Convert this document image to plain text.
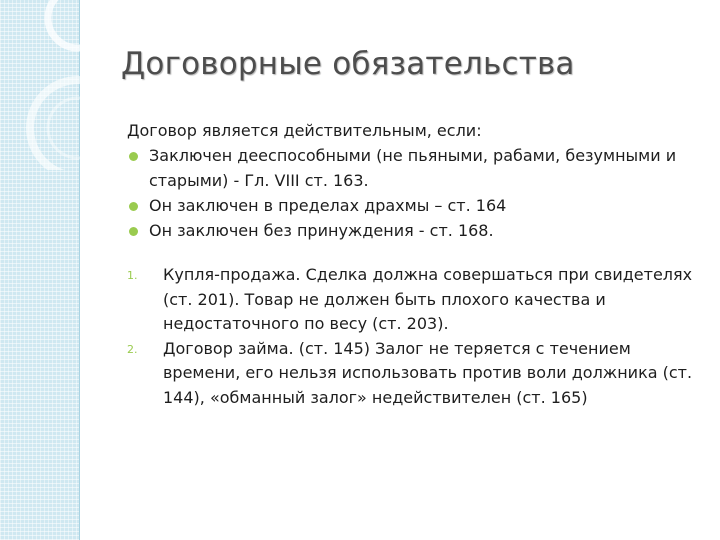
Договорные обязательства

Договор является действительным, если:

Заключен дееспособными (не пьяными, рабами, безумными и старыми) - Гл. VIII ст. 163.
Он заключен в пределах драхмы – ст. 164
Он заключен без принуждения - ст. 168.
1. Купля-продажа. Сделка должна совершаться при свидетелях (ст. 201). Товар не должен быть плохого качества и недостаточного по весу (ст. 203).
2. Договор займа. (ст. 145) Залог не теряется с течением времени, его нельзя использовать против воли должника (ст. 144), «обманный залог» недействителен (ст. 165)
